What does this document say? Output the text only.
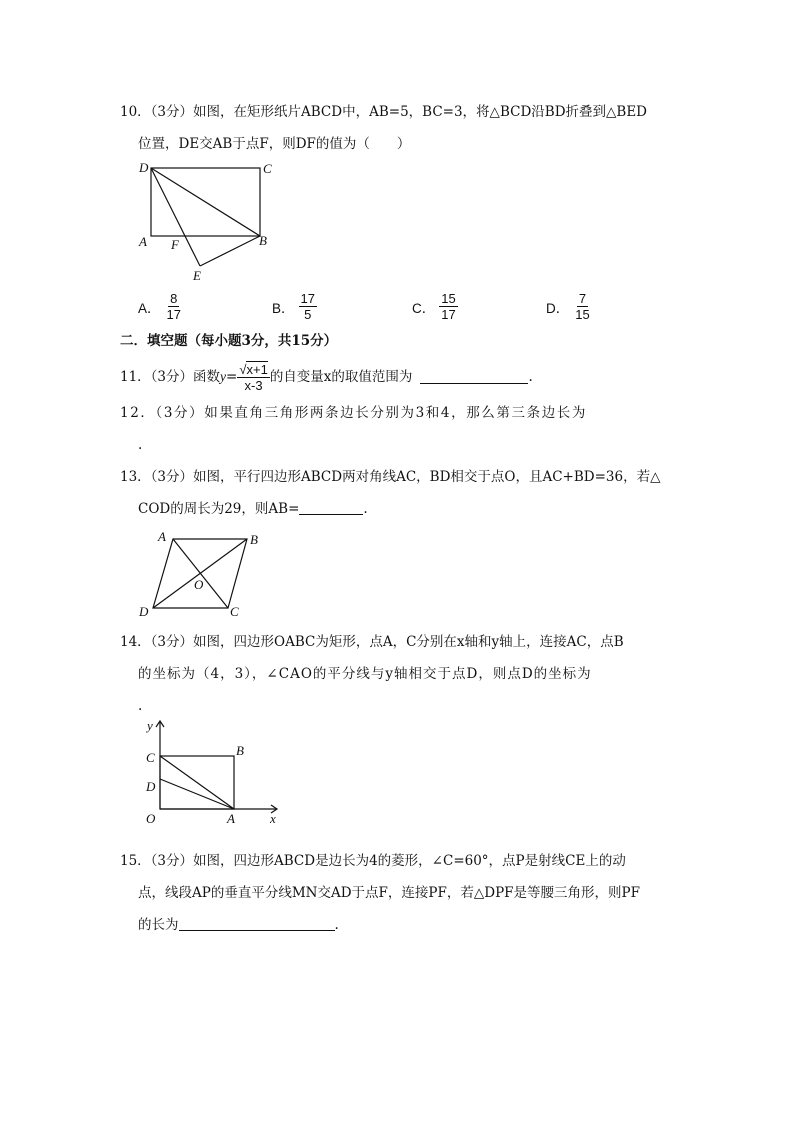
10．（3分）如图，在矩形纸片ABCD中，AB=5，BC=3，将△BCD沿BD折叠到△BED
位置，DE交AB于点F，则DF的值为（　　）
D	C
A F	B
E
A． $\frac{8}{17}$	B． $\frac{17}{5}$	C． $\frac{15}{17}$	D． $\frac{7}{15}$
二．填空题（每小题3分，共15分）
11．（3分）函数 $y = \frac{√x+1}{x-3}$ 的自变量x的取值范围为	.
12．（3分）如果直角三角形两条边长分别为3和4，那么第三条边长为
.
13．（3分）如图，平行四边形ABCD两对角线AC，BD相交于点O，且AC+BD=36，若△
COD的周长为29，则AB=	.
A	B
O
D	C
14．（3分）如图，四边形OABC为矩形，点A，C分别在x轴和y轴上，连接AC，点B
的坐标为（4，3），∠CAO的平分线与y轴相交于点D，则点D的坐标为
.
y
C	B
D
O	A	x
15．（3分）如图，四边形ABCD是边长为4的菱形，∠C=60°，点P是射线CE上的动
点，线段AP的垂直平分线MN交AD于点F，连接PF，若△DPF是等腰三角形，则PF
的长为	.
